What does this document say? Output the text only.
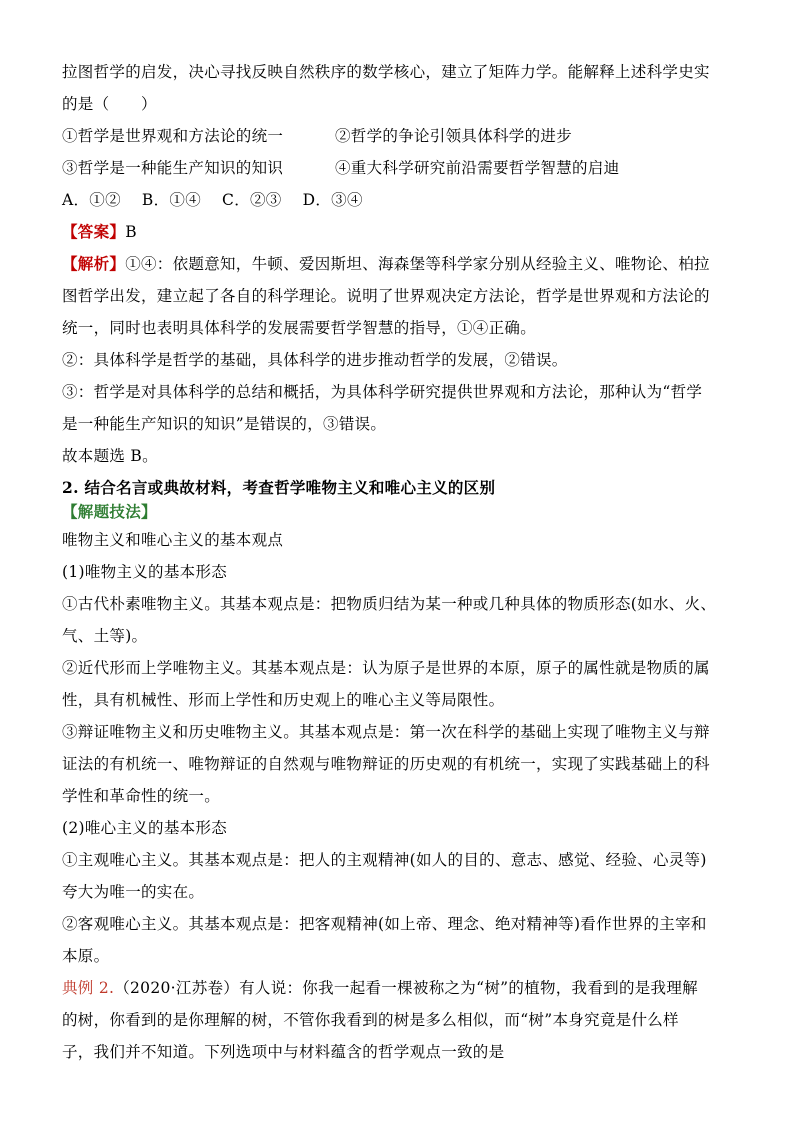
拉图哲学的启发，决心寻找反映自然秩序的数学核心，建立了矩阵力学。能解释上述科学史实
的是（　　）
①哲学是世界观和方法论的统一	②哲学的争论引领具体科学的进步
③哲学是一种能生产知识的知识	④重大科学研究前沿需要哲学智慧的启迪
A．①②　 B．①④　 C．②③　 D．③④
【答案】B
【解析】①④：依题意知，牛顿、爱因斯坦、海森堡等科学家分别从经验主义、唯物论、柏拉
图哲学出发，建立起了各自的科学理论。说明了世界观决定方法论，哲学是世界观和方法论的
统一，同时也表明具体科学的发展需要哲学智慧的指导，①④正确。
②：具体科学是哲学的基础，具体科学的进步推动哲学的发展，②错误。
③：哲学是对具体科学的总结和概括，为具体科学研究提供世界观和方法论，那种认为“哲学
是一种能生产知识的知识”是错误的，③错误。
故本题选 B。
2. 结合名言或典故材料，考查哲学唯物主义和唯心主义的区别
【解题技法】
唯物主义和唯心主义的基本观点
(1)唯物主义的基本形态
①古代朴素唯物主义。其基本观点是：把物质归结为某一种或几种具体的物质形态(如水、火、
气、土等)。
②近代形而上学唯物主义。其基本观点是：认为原子是世界的本原，原子的属性就是物质的属
性，具有机械性、形而上学性和历史观上的唯心主义等局限性。
③辩证唯物主义和历史唯物主义。其基本观点是：第一次在科学的基础上实现了唯物主义与辩
证法的有机统一、唯物辩证的自然观与唯物辩证的历史观的有机统一，实现了实践基础上的科
学性和革命性的统一。
(2)唯心主义的基本形态
①主观唯心主义。其基本观点是：把人的主观精神(如人的目的、意志、感觉、经验、心灵等)
夸大为唯一的实在。
②客观唯心主义。其基本观点是：把客观精神(如上帝、理念、绝对精神等)看作世界的主宰和
本原。
典例 2.（2020·江苏卷）有人说：你我一起看一棵被称之为“树”的植物，我看到的是我理解
的树，你看到的是你理解的树，不管你我看到的树是多么相似，而“树”本身究竟是什么样
子，我们并不知道。下列选项中与材料蕴含的哲学观点一致的是
